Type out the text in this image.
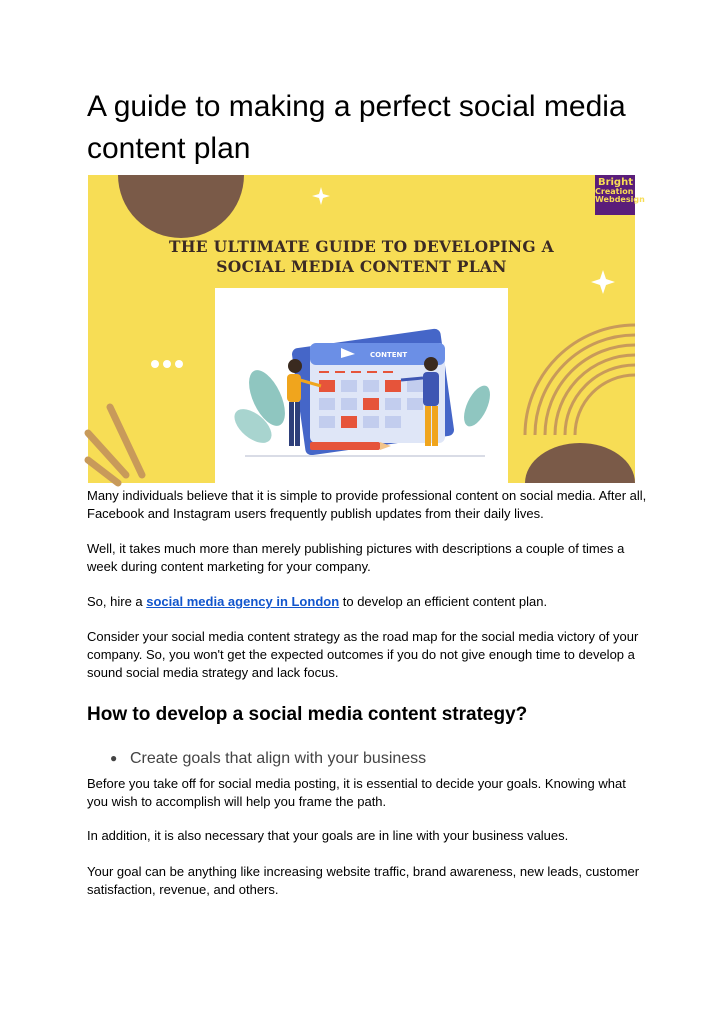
A guide to making a perfect social media content plan
THE ULTIMATE GUIDE TO DEVELOPING A
SOCIAL MEDIA CONTENT PLAN
Bright
Creation
Webdesign
CONTENT

Many individuals believe that it is simple to provide professional content on social media. After all, Facebook and Instagram users frequently publish updates from their daily lives.

Well, it takes much more than merely publishing pictures with descriptions a couple of times a week during content marketing for your company.

So, hire a social media agency in London to develop an efficient content plan.

Consider your social media content strategy as the road map for the social media victory of your company. So, you won't get the expected outcomes if you do not give enough time to develop a sound social media strategy and lack focus.

How to develop a social media content strategy?
● Create goals that align with your business

Before you take off for social media posting, it is essential to decide your goals. Knowing what you wish to accomplish will help you frame the path.

In addition, it is also necessary that your goals are in line with your business values.

Your goal can be anything like increasing website traffic, brand awareness, new leads, customer satisfaction, revenue, and others.
